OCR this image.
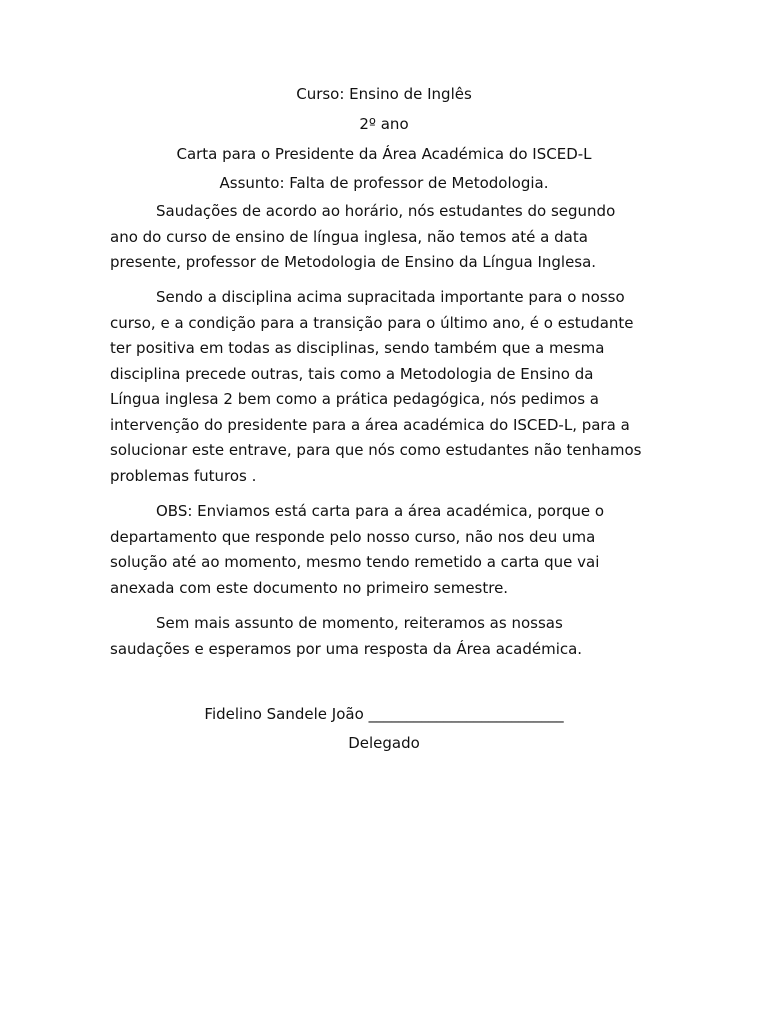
Curso: Ensino de Inglês
2º ano
Carta para o Presidente da Área Académica do ISCED-L
Assunto: Falta de professor de Metodologia.
Saudações de acordo ao horário, nós estudantes do segundo
ano do curso de ensino de língua inglesa, não temos até a data
presente, professor de Metodologia de Ensino da Língua Inglesa.
Sendo a disciplina acima supracitada importante para o nosso
curso, e a condição para a transição para o último ano, é o estudante
ter positiva em todas as disciplinas, sendo também que a mesma
disciplina precede outras, tais como a Metodologia de Ensino da
Língua inglesa 2 bem como a prática pedagógica, nós pedimos a
intervenção do presidente para a área académica do ISCED-L, para a
solucionar este entrave, para que nós como estudantes não tenhamos
problemas futuros .
OBS: Enviamos está carta para a área académica, porque o
departamento que responde pelo nosso curso, não nos deu uma
solução até ao momento, mesmo tendo remetido a carta que vai
anexada com este documento no primeiro semestre.
Sem mais assunto de momento, reiteramos as nossas
saudações e esperamos por uma resposta da Área académica.
Fidelino Sandele João __________________________
Delegado
